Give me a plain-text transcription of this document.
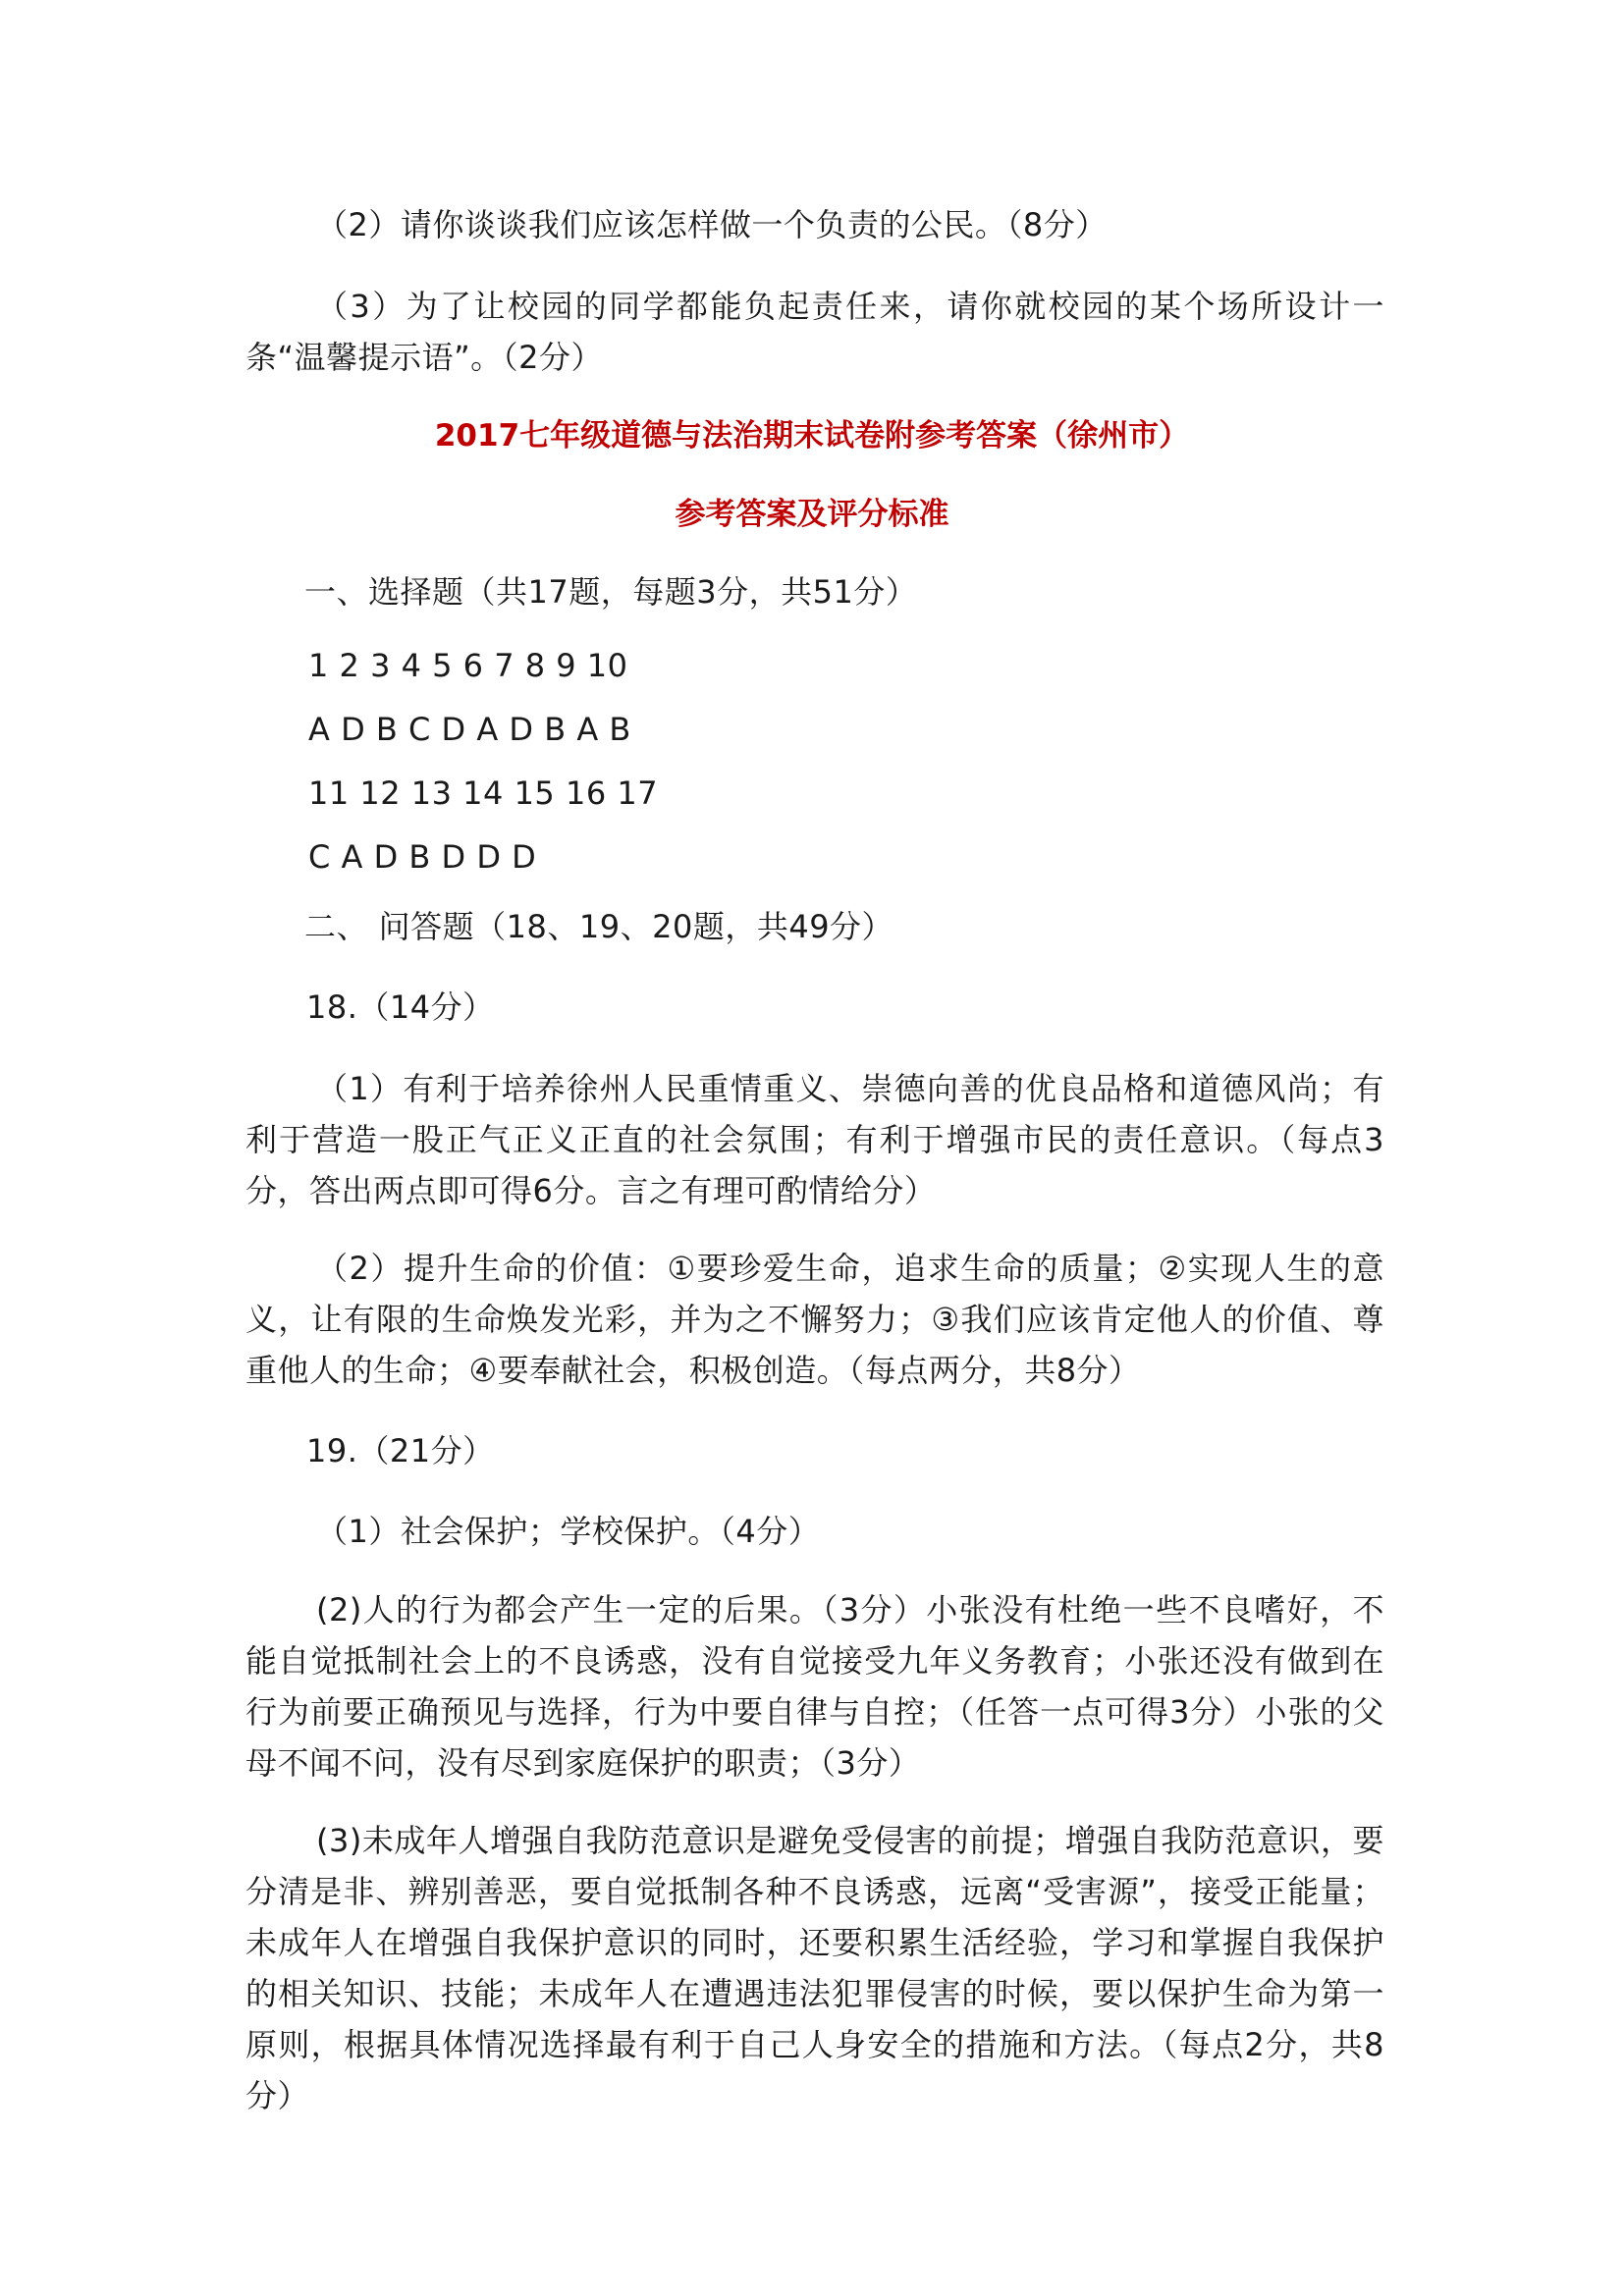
（2）请你谈谈我们应该怎样做一个负责的公民。（8分）
（3）为了让校园的同学都能负起责任来，请你就校园的某个场所设计一条“温馨提示语”。（2分）
2017七年级道德与法治期末试卷附参考答案（徐州市）
参考答案及评分标准
一、选择题（共17题，每题3分，共51分）
1 2 3 4 5 6 7 8 9 10
A D B C D A D B A B
11 12 13 14 15 16 17
C A D B D D D
二、 问答题（18、19、20题，共49分）
18.（14分）
（1）有利于培养徐州人民重情重义、崇德向善的优良品格和道德风尚；有利于营造一股正气正义正直的社会氛围；有利于增强市民的责任意识。（每点3分，答出两点即可得6分。言之有理可酌情给分）
（2）提升生命的价值：①要珍爱生命，追求生命的质量；②实现人生的意义，让有限的生命焕发光彩，并为之不懈努力；③我们应该肯定他人的价值、尊重他人的生命；④要奉献社会，积极创造。（每点两分，共8分）
19.（21分）
（1）社会保护；学校保护。（4分）
(2)人的行为都会产生一定的后果。（3分）小张没有杜绝一些不良嗜好，不能自觉抵制社会上的不良诱惑，没有自觉接受九年义务教育；小张还没有做到在行为前要正确预见与选择，行为中要自律与自控；（任答一点可得3分）小张的父母不闻不问，没有尽到家庭保护的职责；（3分）
(3)未成年人增强自我防范意识是避免受侵害的前提；增强自我防范意识，要分清是非、辨别善恶，要自觉抵制各种不良诱惑，远离“受害源”，接受正能量；未成年人在增强自我保护意识的同时，还要积累生活经验，学习和掌握自我保护的相关知识、技能；未成年人在遭遇违法犯罪侵害的时候，要以保护生命为第一原则，根据具体情况选择最有利于自己人身安全的措施和方法。（每点2分，共8分）
